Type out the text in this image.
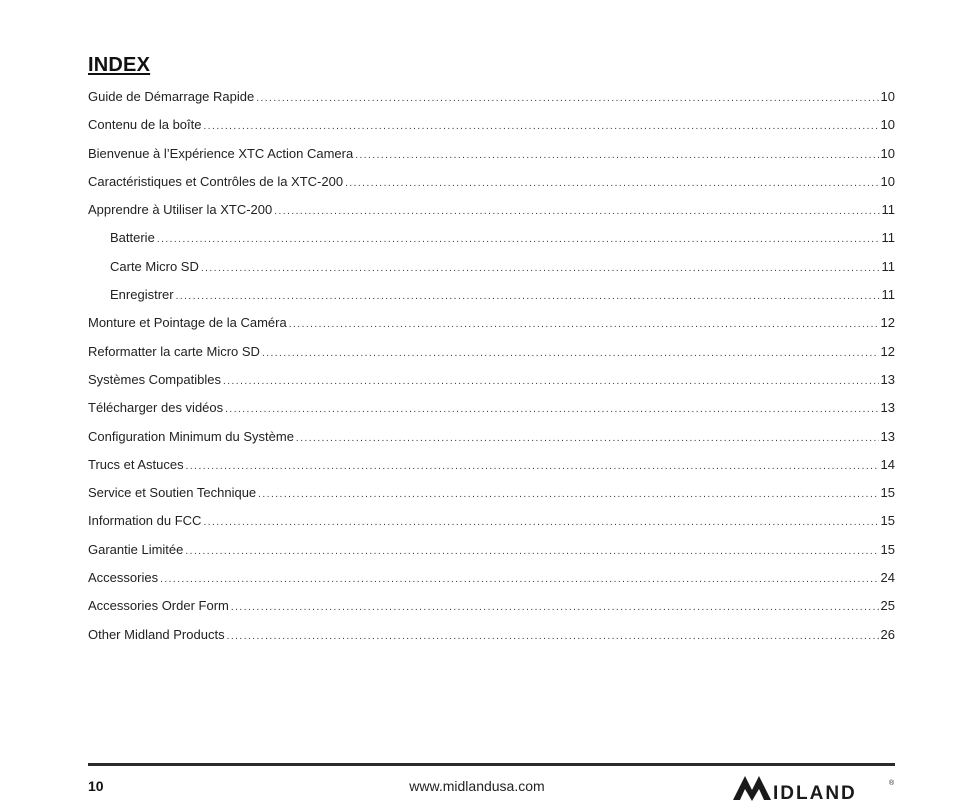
INDEX
Guide de Démarrage Rapide .....	10
Contenu de la boîte .....	10
Bienvenue à l’Expérience XTC Action Camera .....	10
Caractéristiques et Contrôles de la XTC-200 .....	10
Apprendre à Utiliser la XTC-200 .....	11
Batterie .....	11
Carte Micro SD .....	11
Enregistrer .....	11
Monture et Pointage de la Caméra .....	12
Reformatter la carte Micro SD .....	12
Systèmes Compatibles .....	13
Télécharger des vidéos .....	13
Configuration Minimum du Système .....	13
Trucs et Astuces .....	14
Service et Soutien Technique .....	15
Information du FCC .....	15
Garantie Limitée .....	15
Accessories .....	24
Accessories Order Form .....	25
Other Midland Products .....	26
10	www.midlandusa.com	IDLAND	®
